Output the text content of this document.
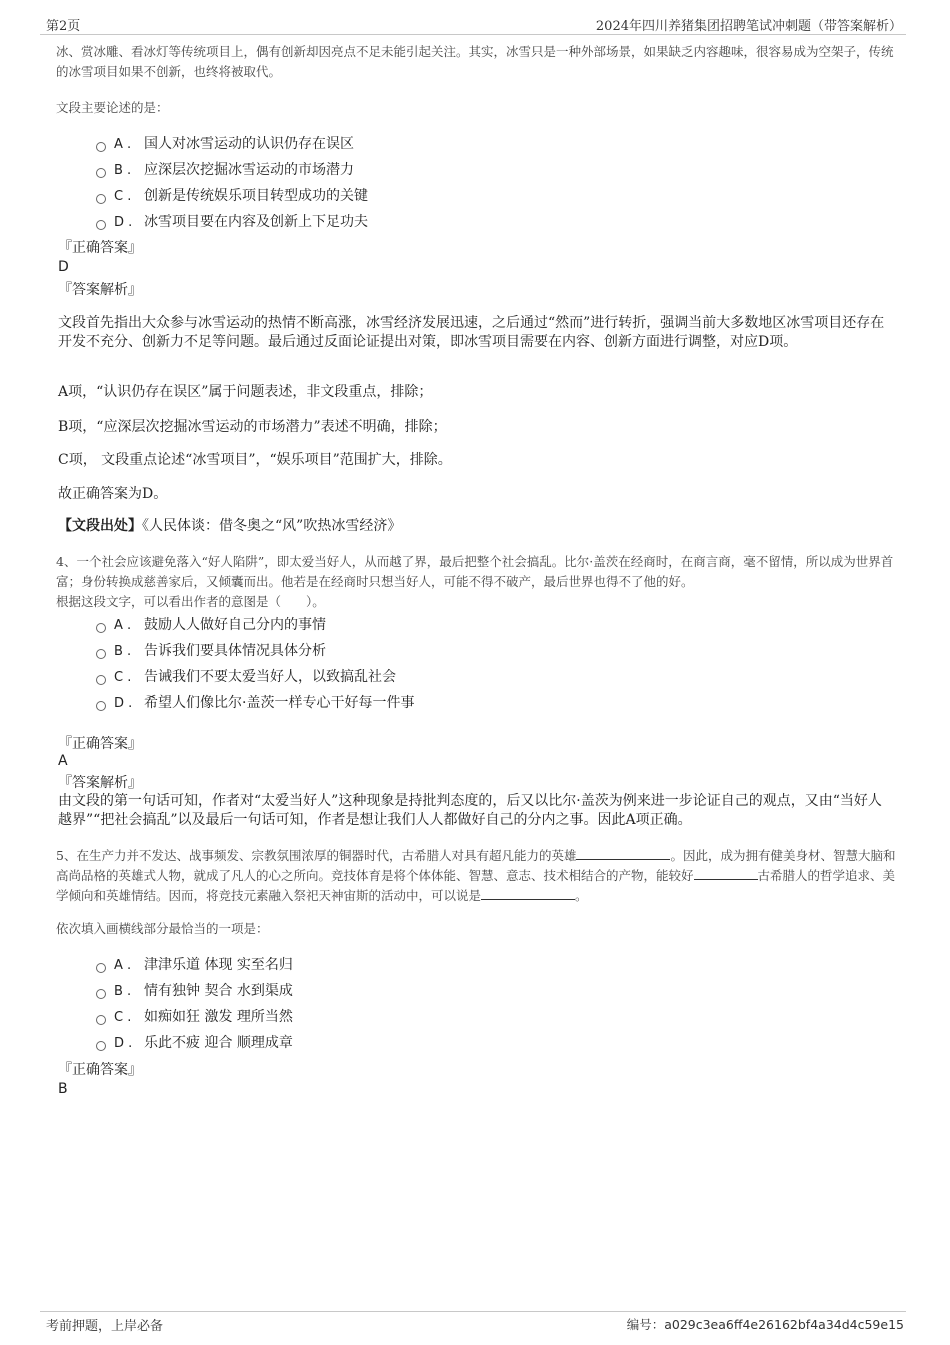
第2页	2024年四川养猪集团招聘笔试冲刺题（带答案解析）
冰、赏冰雕、看冰灯等传统项目上，偶有创新却因亮点不足未能引起关注。其实，冰雪只是一种外部场景，如果缺乏内容趣味，很容易成为空架子，传统的冰雪项目如果不创新，也终将被取代。
文段主要论述的是：
A . 国人对冰雪运动的认识仍存在误区
B . 应深层次挖掘冰雪运动的市场潜力
C . 创新是传统娱乐项目转型成功的关键
D . 冰雪项目要在内容及创新上下足功夫
『正确答案』
D
『答案解析』
文段首先指出大众参与冰雪运动的热情不断高涨，冰雪经济发展迅速，之后通过“然而”进行转折，强调当前大多数地区冰雪项目还存在开发不充分、创新力不足等问题。最后通过反面论证提出对策，即冰雪项目需要在内容、创新方面进行调整，对应D项。
A项，“认识仍存在误区”属于问题表述，非文段重点，排除；
B项，“应深层次挖掘冰雪运动的市场潜力”表述不明确，排除；
C项， 文段重点论述“冰雪项目”，“娱乐项目”范围扩大，排除。
故正确答案为D。
【文段出处】《人民体谈：借冬奥之“风”吹热冰雪经济》
4、一个社会应该避免落入“好人陷阱”，即太爱当好人，从而越了界，最后把整个社会搞乱。比尔·盖茨在经商时，在商言商，毫不留情，所以成为世界首富；身份转换成慈善家后，又倾囊而出。他若是在经商时只想当好人，可能不得不破产，最后世界也得不了他的好。
根据这段文字，可以看出作者的意图是（　　）。
A . 鼓励人人做好自己分内的事情
B . 告诉我们要具体情况具体分析
C . 告诫我们不要太爱当好人，以致搞乱社会
D . 希望人们像比尔·盖茨一样专心干好每一件事
『正确答案』
A
『答案解析』
由文段的第一句话可知，作者对“太爱当好人”这种现象是持批判态度的，后又以比尔·盖茨为例来进一步论证自己的观点，又由“当好人越界”“把社会搞乱”以及最后一句话可知，作者是想让我们人人都做好自己的分内之事。因此A项正确。
5、在生产力并不发达、战事频发、宗教氛围浓厚的铜器时代，古希腊人对具有超凡能力的英雄	。因此，成为拥有健美身材、智慧大脑和高尚品格的英雄式人物，就成了凡人的心之所向。竞技体育是将个体体能、智慧、意志、技术相结合的产物，能较好	古希腊人的哲学追求、美学倾向和英雄情结。因而，将竞技元素融入祭祀天神宙斯的活动中，可以说是	。
依次填入画横线部分最恰当的一项是：
A . 津津乐道 体现 实至名归
B . 情有独钟 契合 水到渠成
C . 如痴如狂 激发 理所当然
D . 乐此不疲 迎合 顺理成章
『正确答案』
B
考前押题，上岸必备	编号：a029c3ea6ff4e26162bf4a34d4c59e15
